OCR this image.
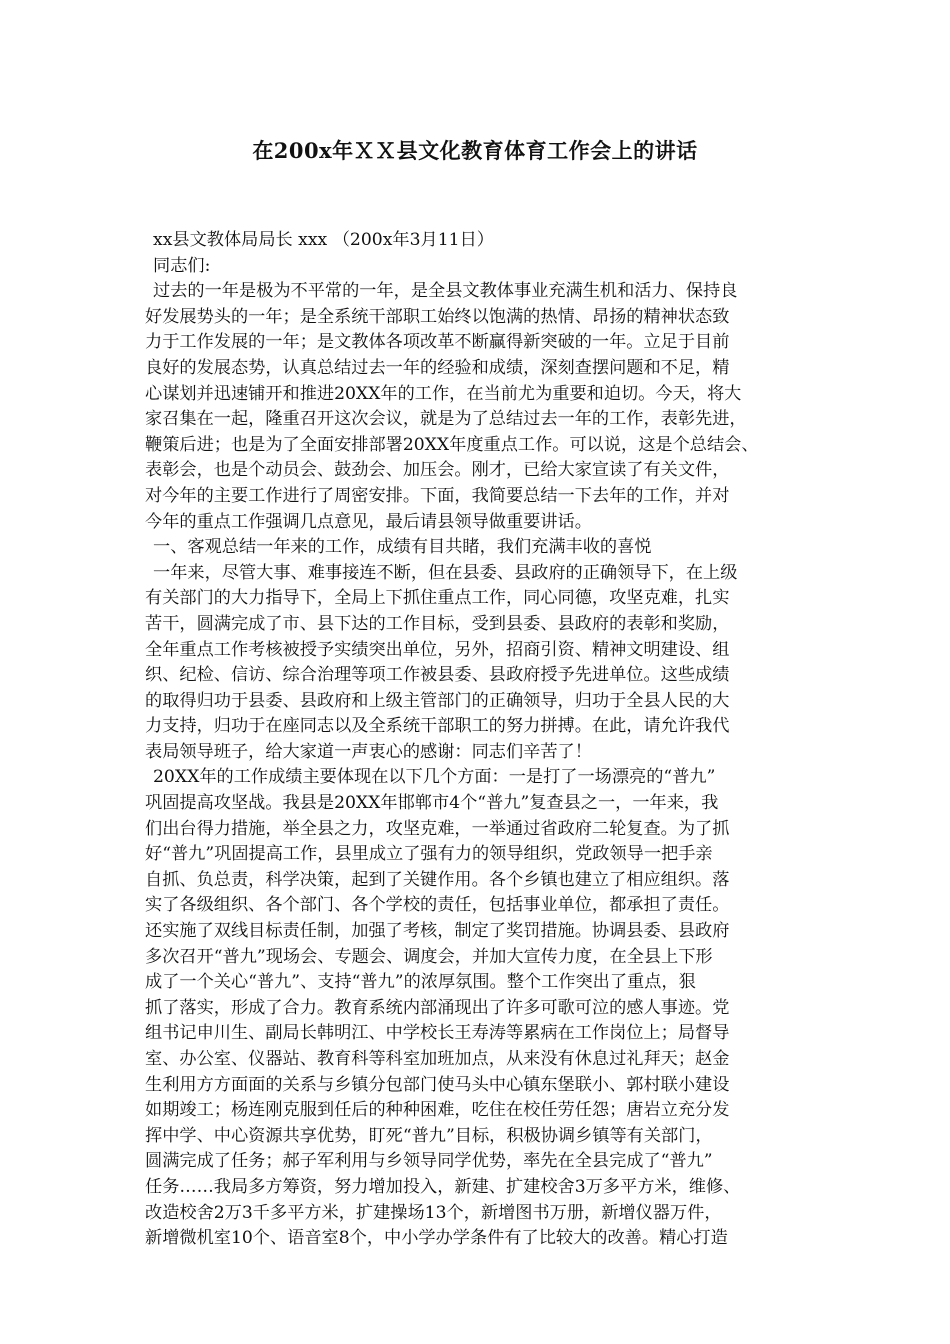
在200x年ＸＸ县文化教育体育工作会上的讲话
xx县文教体局局长 xxx （200x年3月11日）
同志们:
过去的一年是极为不平常的一年，是全县文教体事业充满生机和活力、保持良
好发展势头的一年；是全系统干部职工始终以饱满的热情、昂扬的精神状态致
力于工作发展的一年；是文教体各项改革不断赢得新突破的一年。立足于目前
良好的发展态势，认真总结过去一年的经验和成绩，深刻查摆问题和不足，精
心谋划并迅速铺开和推进20XX年的工作，在当前尤为重要和迫切。今天，将大
家召集在一起，隆重召开这次会议，就是为了总结过去一年的工作，表彰先进，
鞭策后进；也是为了全面安排部署20XX年度重点工作。可以说，这是个总结会、
表彰会，也是个动员会、鼓劲会、加压会。刚才，已给大家宣读了有关文件，
对今年的主要工作进行了周密安排。下面，我简要总结一下去年的工作，并对
今年的重点工作强调几点意见，最后请县领导做重要讲话。
一、客观总结一年来的工作，成绩有目共睹，我们充满丰收的喜悦
一年来，尽管大事、难事接连不断，但在县委、县政府的正确领导下，在上级
有关部门的大力指导下，全局上下抓住重点工作，同心同德，攻坚克难，扎实
苦干，圆满完成了市、县下达的工作目标，受到县委、县政府的表彰和奖励，
全年重点工作考核被授予实绩突出单位，另外，招商引资、精神文明建设、组
织、纪检、信访、综合治理等项工作被县委、县政府授予先进单位。这些成绩
的取得归功于县委、县政府和上级主管部门的正确领导，归功于全县人民的大
力支持，归功于在座同志以及全系统干部职工的努力拼搏。在此，请允许我代
表局领导班子，给大家道一声衷心的感谢：同志们辛苦了！
20XX年的工作成绩主要体现在以下几个方面：一是打了一场漂亮的“普九”
巩固提高攻坚战。我县是20XX年邯郸市4个“普九”复查县之一，一年来，我
们出台得力措施，举全县之力，攻坚克难，一举通过省政府二轮复查。为了抓
好“普九”巩固提高工作，县里成立了强有力的领导组织，党政领导一把手亲
自抓、负总责，科学决策，起到了关键作用。各个乡镇也建立了相应组织。落
实了各级组织、各个部门、各个学校的责任，包括事业单位，都承担了责任。
还实施了双线目标责任制，加强了考核，制定了奖罚措施。协调县委、县政府
多次召开“普九”现场会、专题会、调度会，并加大宣传力度，在全县上下形
成了一个关心“普九”、支持“普九”的浓厚氛围。整个工作突出了重点，狠
抓了落实，形成了合力。教育系统内部涌现出了许多可歌可泣的感人事迹。党
组书记申川生、副局长韩明江、中学校长王寿涛等累病在工作岗位上；局督导
室、办公室、仪器站、教育科等科室加班加点，从来没有休息过礼拜天；赵金
生利用方方面面的关系与乡镇分包部门使马头中心镇东堡联小、郭村联小建设
如期竣工；杨连刚克服到任后的种种困难，吃住在校任劳任怨；唐岩立充分发
挥中学、中心资源共享优势，盯死“普九”目标，积极协调乡镇等有关部门，
圆满完成了任务；郝子军利用与乡领导同学优势，率先在全县完成了“普九”
任务……我局多方筹资，努力增加投入，新建、扩建校舍3万多平方米，维修、
改造校舍2万3千多平方米，扩建操场13个，新增图书万册，新增仪器万件，
新增微机室10个、语音室8个，中小学办学条件有了比较大的改善。精心打造
